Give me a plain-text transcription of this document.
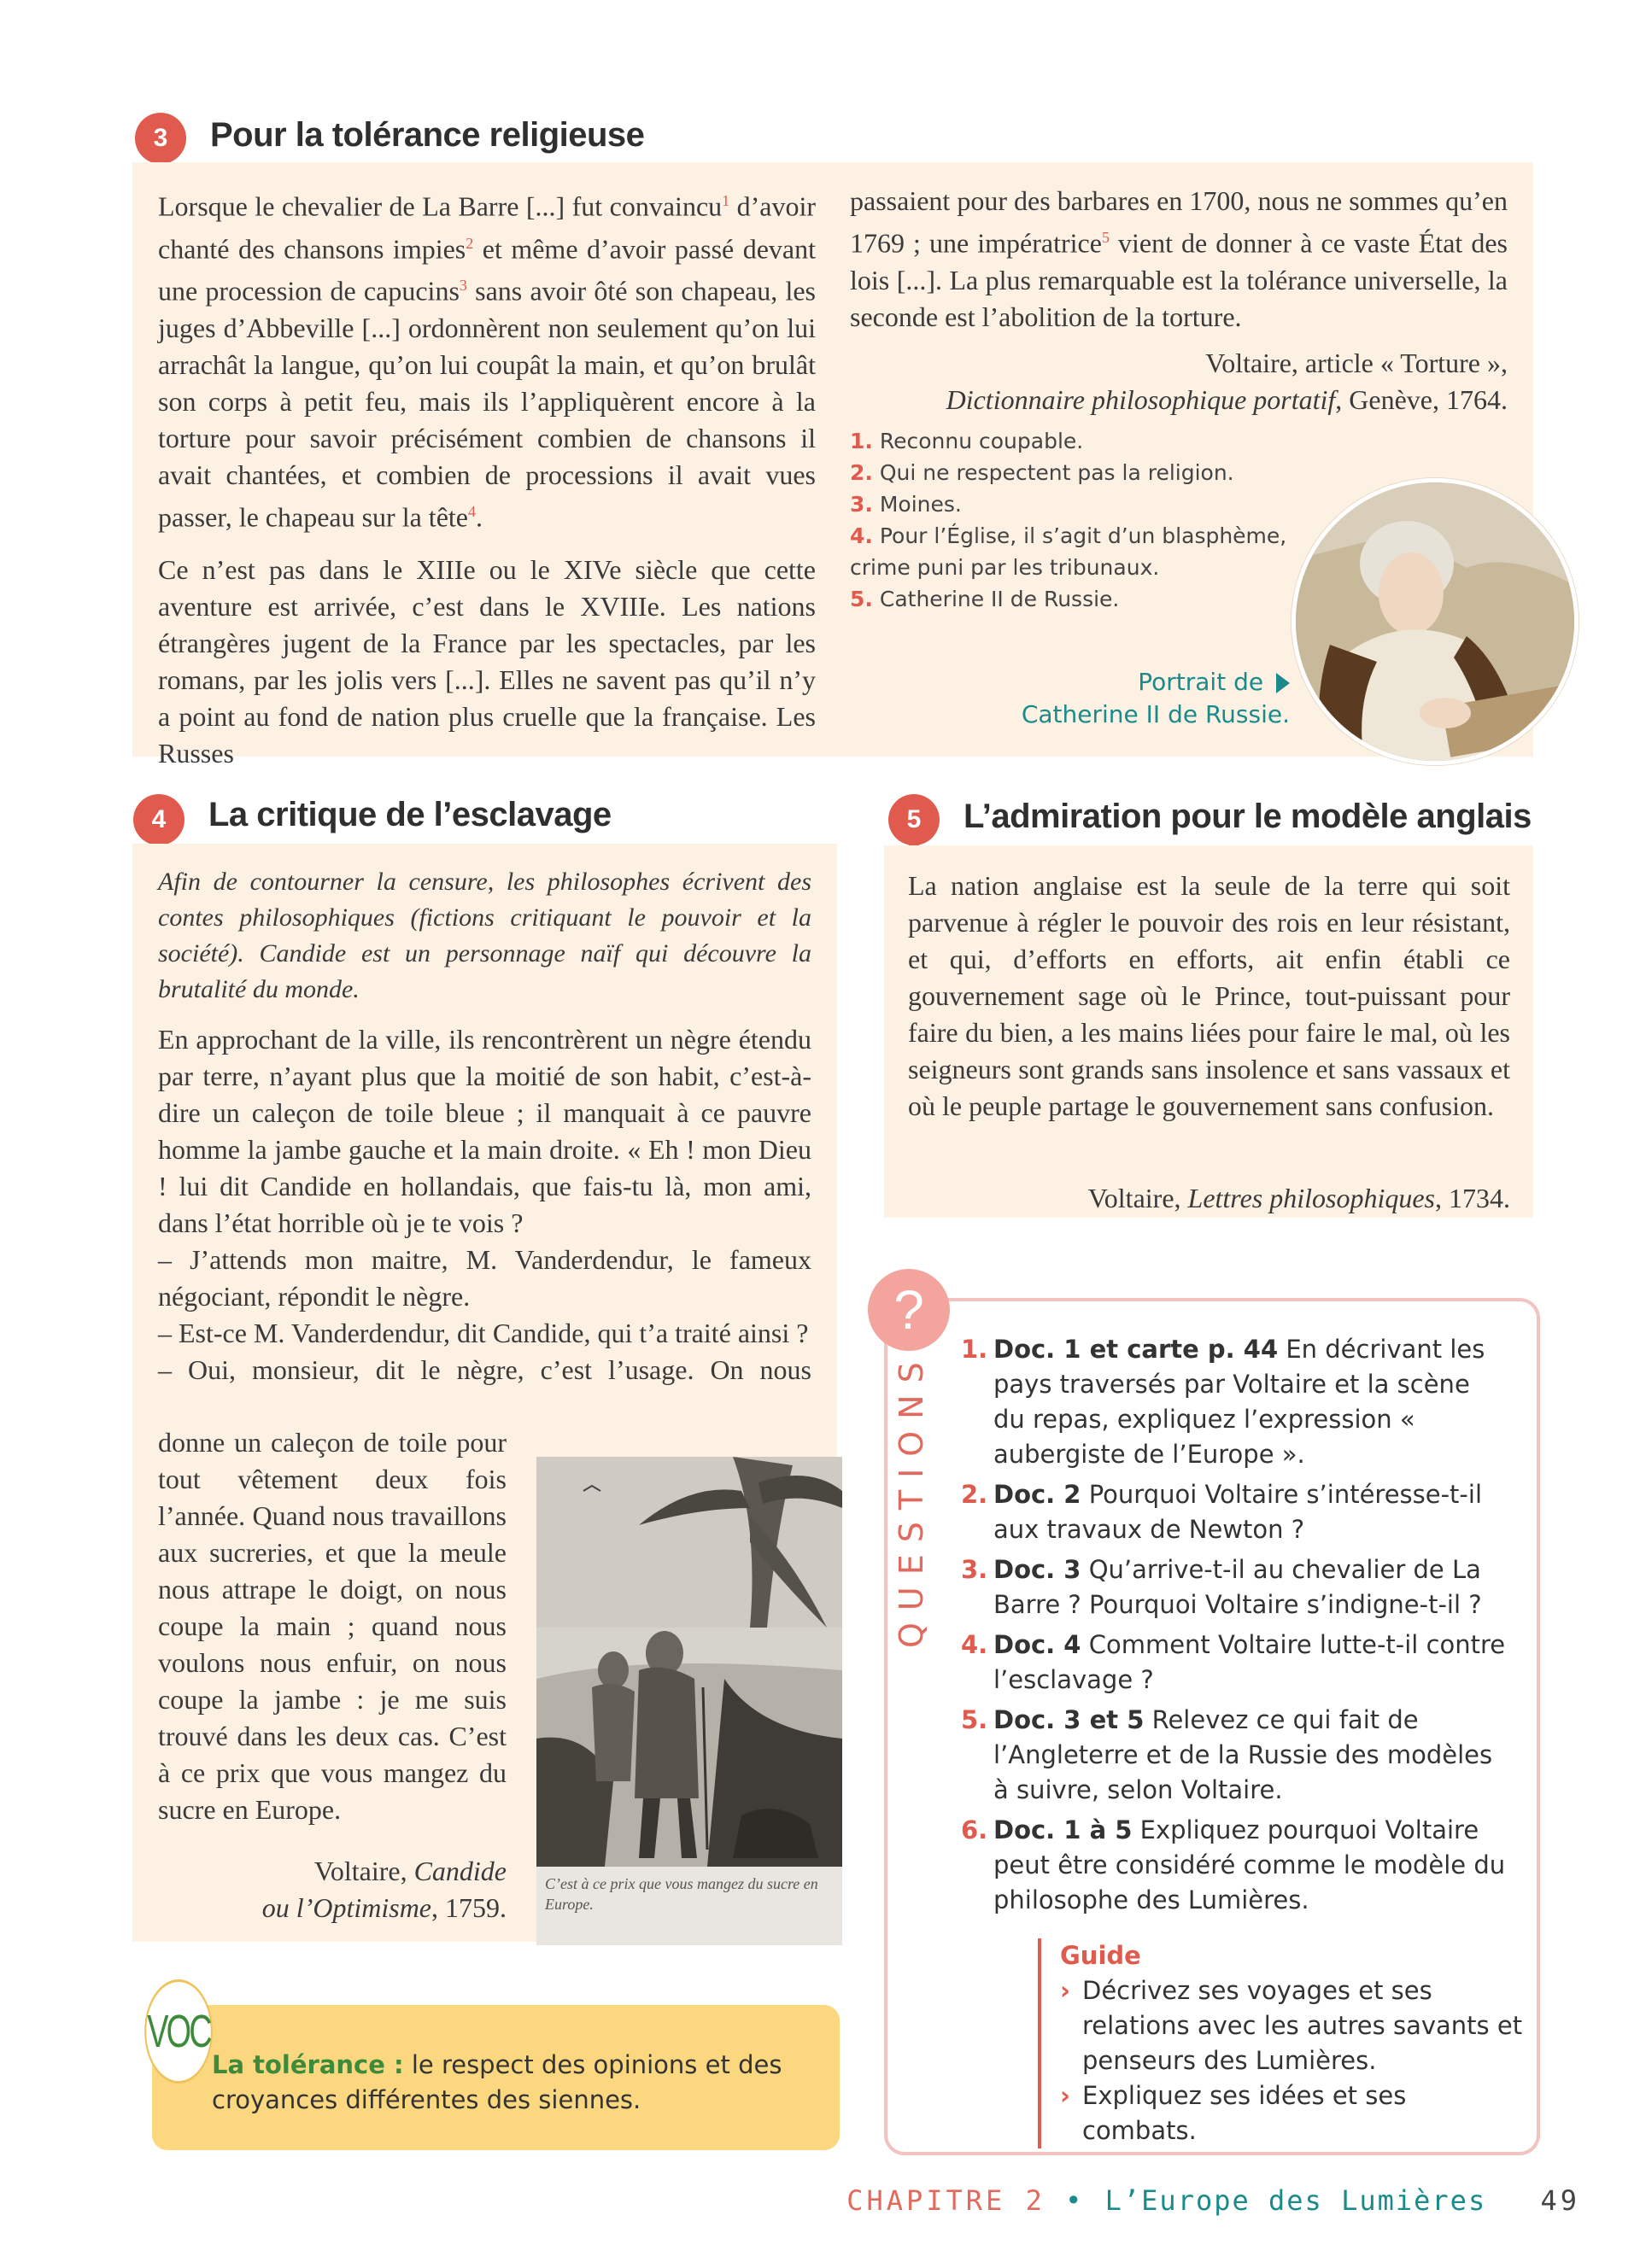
3	Pour la tolérance religieuse

Lorsque le chevalier de La Barre [...] fut convaincu$^1$ d’avoir chanté des chansons impies$^2$ et même d’avoir passé devant une procession de capucins$^3$ sans avoir ôté son chapeau, les juges d’Abbeville [...] ordonnèrent non seulement qu’on lui arrachât la langue, qu’on lui coupât la main, et qu’on brulât son corps à petit feu, mais ils l’appliquèrent encore à la torture pour savoir précisément combien de chansons il avait chantées, et combien de processions il avait vues passer, le chapeau sur la tête$^4$.

Ce n’est pas dans le XIIIe ou le XIVe siècle que cette aventure est arrivée, c’est dans le XVIIIe. Les nations étrangères jugent de la France par les spectacles, par les romans, par les jolis vers [...]. Elles ne savent pas qu’il n’y a point au fond de nation plus cruelle que la française. Les Russes

passaient pour des barbares en 1700, nous ne sommes qu’en 1769 ; une impératrice$^5$ vient de donner à ce vaste État des lois [...]. La plus remarquable est la tolérance universelle, la seconde est l’abolition de la torture.

Voltaire, article « Torture »,
Dictionnaire philosophique portatif, Genève, 1764.
1. Reconnu coupable.
2. Qui ne respectent pas la religion.
3. Moines.
4. Pour l’Église, il s’agit d’un blasphème, crime puni par les tribunaux.
5. Catherine II de Russie.
Portrait de
Catherine II de Russie.
4	La critique de l’esclavage
Afin de contourner la censure, les philosophes écrivent des contes philosophiques (fictions critiquant le pouvoir et la société). Candide est un personnage naïf qui découvre la brutalité du monde.

En approchant de la ville, ils rencontrèrent un nègre étendu par terre, n’ayant plus que la moitié de son habit, c’est-à-dire un caleçon de toile bleue ; il manquait à ce pauvre homme la jambe gauche et la main droite. « Eh ! mon Dieu ! lui dit Candide en hollandais, que fais-tu là, mon ami, dans l’état horrible où je te vois ?

– J’attends mon maitre, M. Vanderdendur, le fameux négociant, répondit le nègre.

– Est-ce M. Vanderdendur, dit Candide, qui t’a traité ainsi ?

– Oui, monsieur, dit le nègre, c’est l’usage. On nous

donne un caleçon de toile pour tout vêtement deux fois l’année. Quand nous travaillons aux sucreries, et que la meule nous attrape le doigt, on nous coupe la main ; quand nous voulons nous enfuir, on nous coupe la jambe : je me suis trouvé dans les deux cas. C’est à ce prix que vous mangez du sucre en Europe.
Voltaire, Candide
ou l’Optimisme, 1759.
C’est à ce prix que vous mangez du sucre en Europe.
5	L’admiration pour le modèle anglais
La nation anglaise est la seule de la terre qui soit parvenue à régler le pouvoir des rois en leur résistant, et qui, d’efforts en efforts, ait enfin établi ce gouvernement sage où le Prince, tout-puissant pour faire du bien, a les mains liées pour faire le mal, où les seigneurs sont grands sans insolence et sans vassaux et où le peuple partage le gouvernement sans confusion.
Voltaire, Lettres philosophiques, 1734.
VOC
La tolérance : le respect des opinions et des croyances différentes des siennes.
?
QUESTIONS
1. Doc. 1 et carte p. 44 En décrivant les pays traversés par Voltaire et la scène du repas, expliquez l’expression « aubergiste de l’Europe ».
2. Doc. 2 Pourquoi Voltaire s’intéresse-t-il aux travaux de Newton ?
3. Doc. 3 Qu’arrive-t-il au chevalier de La Barre ? Pourquoi Voltaire s’indigne-t-il ?
4. Doc. 4 Comment Voltaire lutte-t-il contre l’esclavage ?
5. Doc. 3 et 5 Relevez ce qui fait de l’Angleterre et de la Russie des modèles à suivre, selon Voltaire.
6. Doc. 1 à 5 Expliquez pourquoi Voltaire peut être considéré comme le modèle du philosophe des Lumières.
Guide
› Décrivez ses voyages et ses relations avec les autres savants et penseurs des Lumières.
› Expliquez ses idées et ses combats.
CHAPITRE 2 • L’Europe des Lumières 49
